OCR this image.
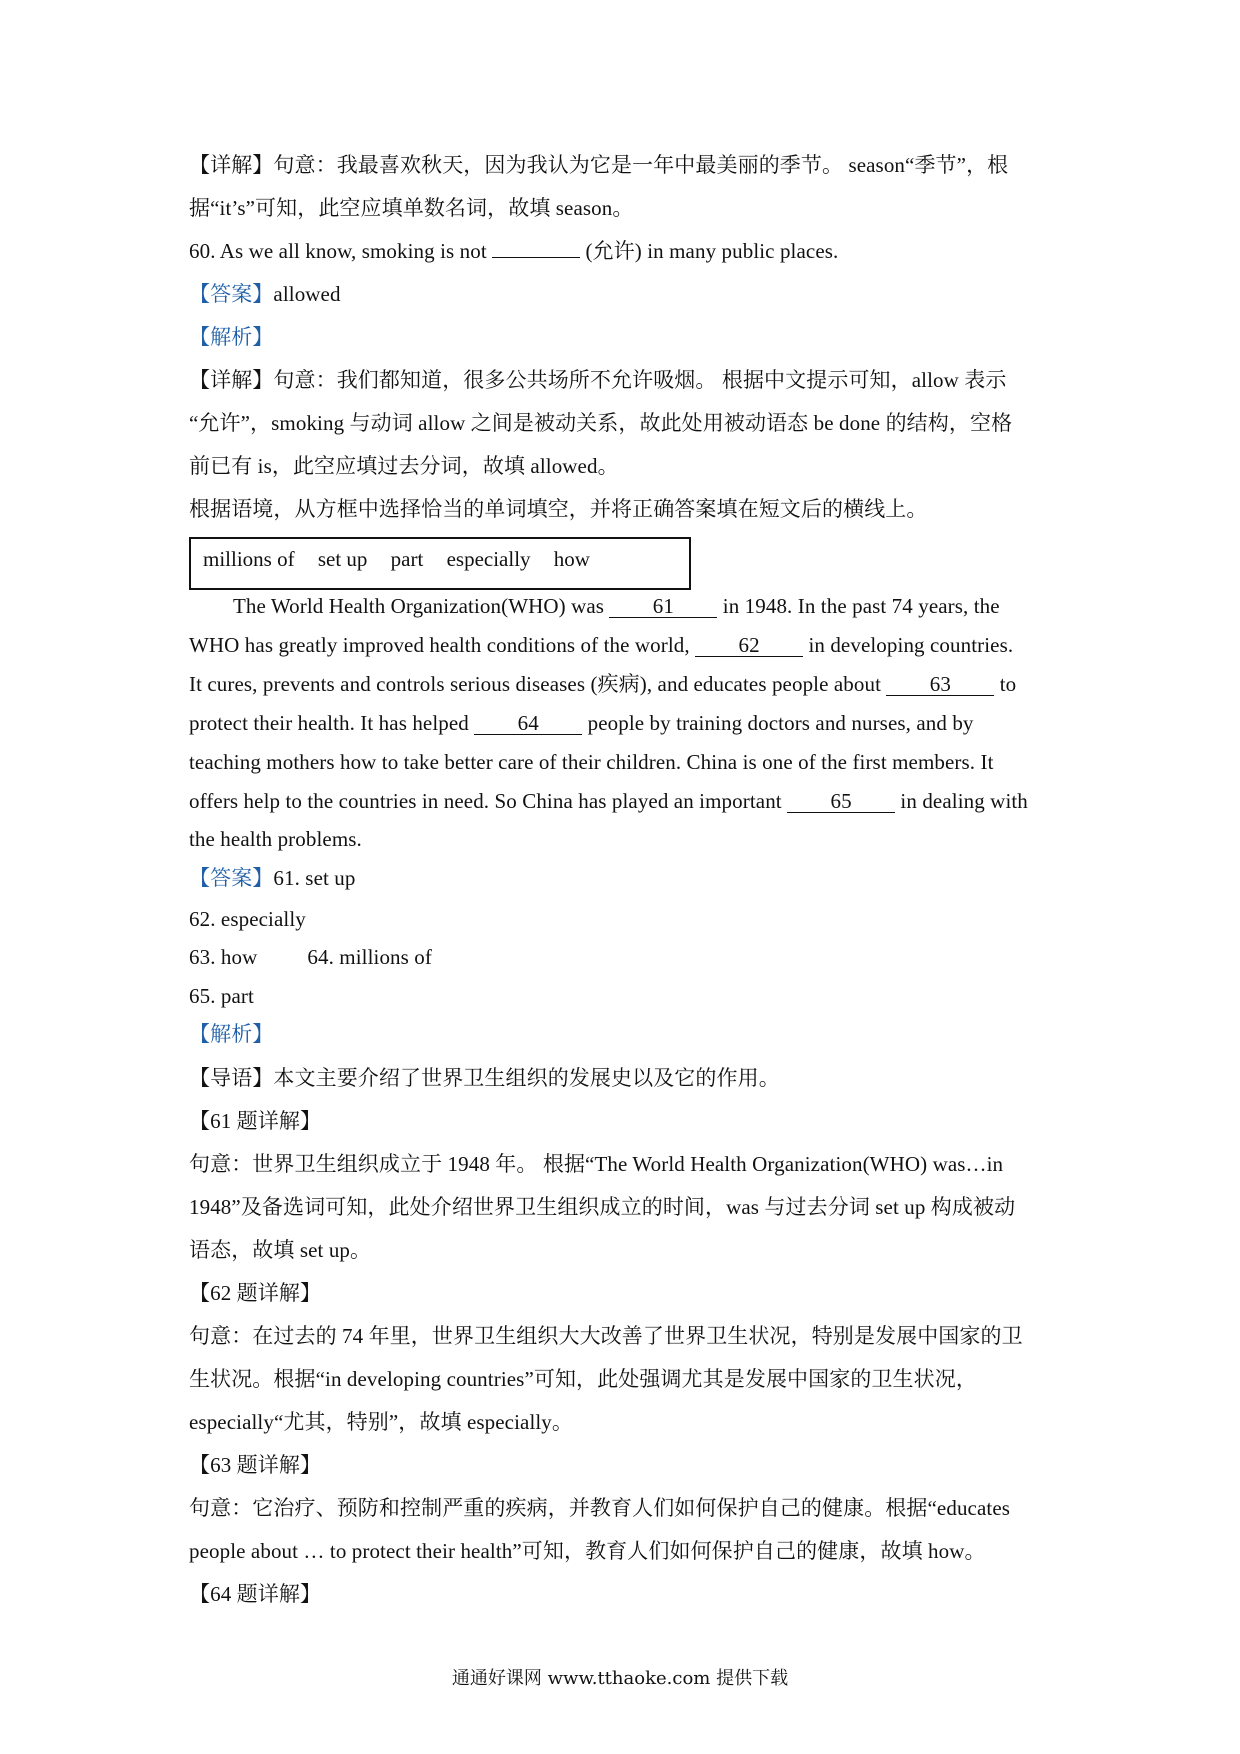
【详解】句意：我最喜欢秋天，因为我认为它是一年中最美丽的季节。 season“季节”，根
据“it’s”可知，此空应填单数名词，故填 season。
60. As we all know, smoking is not	(允许) in many public places.
【答案】allowed
【解析】
【详解】句意：我们都知道，很多公共场所不允许吸烟。 根据中文提示可知，allow 表示
“允许”，smoking 与动词 allow 之间是被动关系，故此处用被动语态 be done 的结构，空格
前已有 is，此空应填过去分词，故填 allowed。
根据语境，从方框中选择恰当的单词填空，并将正确答案填在短文后的横线上。
millions of set up part especially how
The World Health Organization(WHO) was 61 in 1948. In the past 74 years, the
WHO has greatly improved health conditions of the world, 62 in developing countries.
It cures, prevents and controls serious diseases (疾病), and educates people about 63 to
protect their health. It has helped 64 people by training doctors and nurses, and by
teaching mothers how to take better care of their children. China is one of the first members. It
offers help to the countries in need. So China has played an important 65 in dealing with
the health problems.
【答案】61. set up
62. especially
63. how 64. millions of
65. part
【解析】
【导语】本文主要介绍了世界卫生组织的发展史以及它的作用。
【61 题详解】
句意：世界卫生组织成立于 1948 年。 根据“The World Health Organization(WHO) was…in
1948”及备选词可知，此处介绍世界卫生组织成立的时间，was 与过去分词 set up 构成被动
语态，故填 set up。
【62 题详解】
句意：在过去的 74 年里，世界卫生组织大大改善了世界卫生状况，特别是发展中国家的卫
生状况。根据“in developing countries”可知，此处强调尤其是发展中国家的卫生状况，
especially“尤其，特别”，故填 especially。
【63 题详解】
句意：它治疗、预防和控制严重的疾病，并教育人们如何保护自己的健康。根据“educates
people about … to protect their health”可知，教育人们如何保护自己的健康，故填 how。
【64 题详解】
通通好课网 www.tthaoke.com 提供下载
